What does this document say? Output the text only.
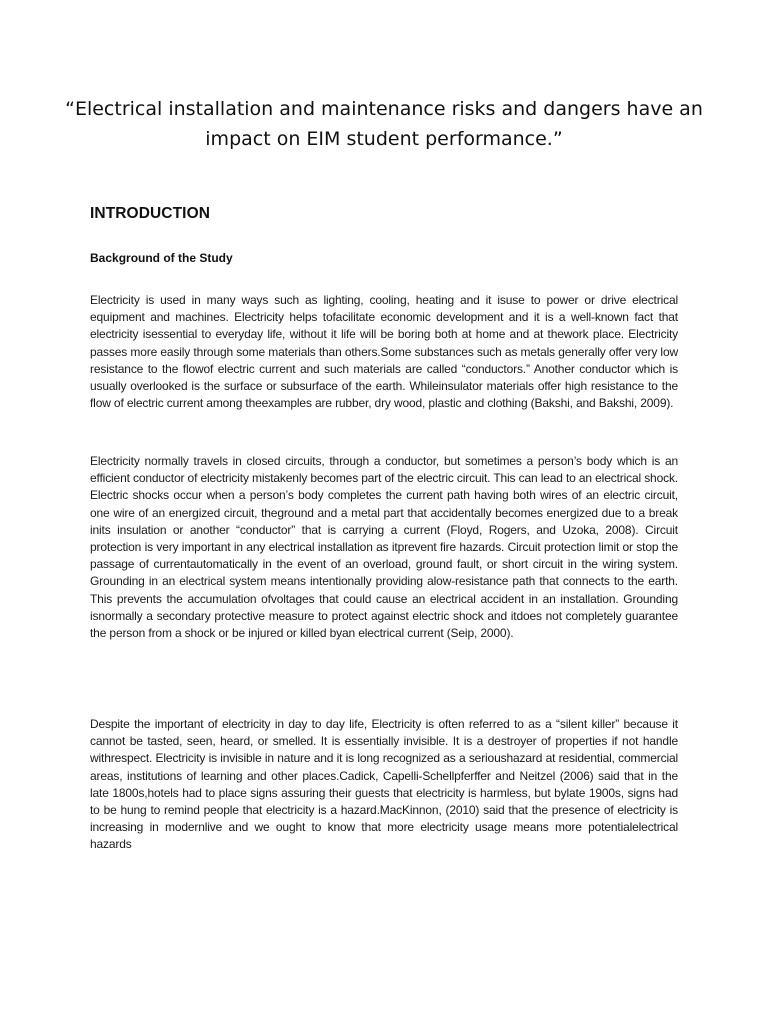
“Electrical installation and maintenance risks and dangers have an impact on EIM student performance.”
INTRODUCTION
Background of the Study

Electricity is used in many ways such as lighting, cooling, heating and it isuse to power or drive electrical equipment and machines. Electricity helps tofacilitate economic development and it is a well-known fact that electricity isessential to everyday life, without it life will be boring both at home and at thework place. Electricity passes more easily through some materials than others.Some substances such as metals generally offer very low resistance to the flowof electric current and such materials are called “conductors.” Another conductor which is usually overlooked is the surface or subsurface of the earth. Whileinsulator materials offer high resistance to the flow of electric current among theexamples are rubber, dry wood, plastic and clothing (Bakshi, and Bakshi, 2009).

Electricity normally travels in closed circuits, through a conductor, but sometimes a person’s body which is an efficient conductor of electricity mistakenly becomes part of the electric circuit. This can lead to an electrical shock. Electric shocks occur when a person’s body completes the current path having both wires of an electric circuit, one wire of an energized circuit, theground and a metal part that accidentally becomes energized due to a break inits insulation or another “conductor” that is carrying a current (Floyd, Rogers, and Uzoka, 2008). Circuit protection is very important in any electrical installation as itprevent fire hazards. Circuit protection limit or stop the passage of currentautomatically in the event of an overload, ground fault, or short circuit in the wiring system. Grounding in an electrical system means intentionally providing alow-resistance path that connects to the earth. This prevents the accumulation ofvoltages that could cause an electrical accident in an installation. Grounding isnormally a secondary protective measure to protect against electric shock and itdoes not completely guarantee the person from a shock or be injured or killed byan electrical current (Seip, 2000).

Despite the important of electricity in day to day life, Electricity is often referred to as a “silent killer” because it cannot be tasted, seen, heard, or smelled. It is essentially invisible. It is a destroyer of properties if not handle withrespect. Electricity is invisible in nature and it is long recognized as a serioushazard at residential, commercial areas, institutions of learning and other places.Cadick, Capelli-Schellpferffer and Neitzel (2006) said that in the late 1800s,hotels had to place signs assuring their guests that electricity is harmless, but bylate 1900s, signs had to be hung to remind people that electricity is a hazard.MacKinnon, (2010) said that the presence of electricity is increasing in modernlive and we ought to know that more electricity usage means more potentialelectrical hazards
